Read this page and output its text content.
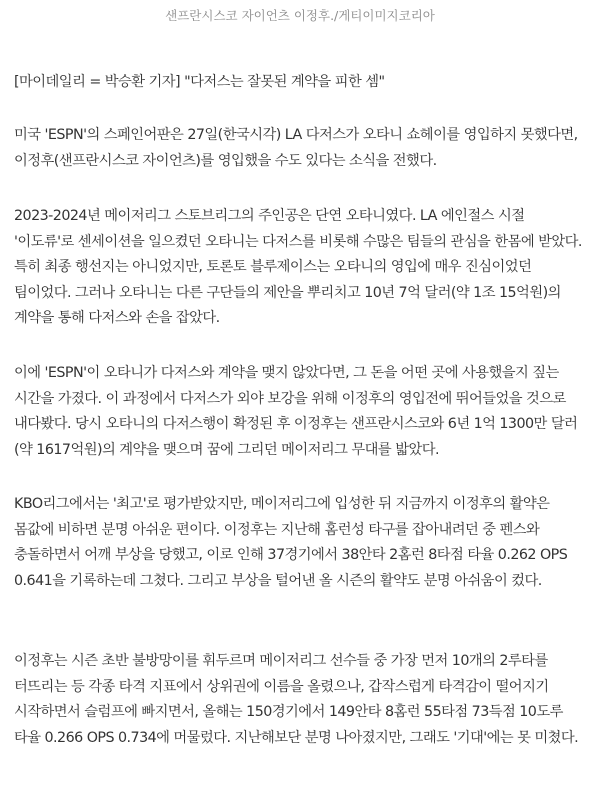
샌프란시스코 자이언츠 이정후./게티이미지코리아

[마이데일리 = 박승환 기자] "다저스는 잘못된 계약을 피한 셈"

미국 'ESPN'의 스페인어판은 27일(한국시각) LA 다저스가 오타니 쇼헤이를 영입하지 못했다면, 이정후(샌프란시스코 자이언츠)를 영입했을 수도 있다는 소식을 전했다.

2023-2024년 메이저리그 스토브리그의 주인공은 단연 오타니였다. LA 에인절스 시절 '이도류'로 센세이션을 일으켰던 오타니는 다저스를 비롯해 수많은 팀들의 관심을 한몸에 받았다. 특히 최종 행선지는 아니었지만, 토론토 블루제이스는 오타니의 영입에 매우 진심이었던 팀이었다. 그러나 오타니는 다른 구단들의 제안을 뿌리치고 10년 7억 달러(약 1조 15억원)의 계약을 통해 다저스와 손을 잡았다.

이에 'ESPN'이 오타니가 다저스와 계약을 맺지 않았다면, 그 돈을 어떤 곳에 사용했을지 짚는 시간을 가졌다. 이 과정에서 다저스가 외야 보강을 위해 이정후의 영입전에 뛰어들었을 것으로 내다봤다. 당시 오타니의 다저스행이 확정된 후 이정후는 샌프란시스코와 6년 1억 1300만 달러(약 1617억원)의 계약을 맺으며 꿈에 그리던 메이저리그 무대를 밟았다.

KBO리그에서는 '최고'로 평가받았지만, 메이저리그에 입성한 뒤 지금까지 이정후의 활약은 몸값에 비하면 분명 아쉬운 편이다. 이정후는 지난해 홈런성 타구를 잡아내려던 중 펜스와 충돌하면서 어깨 부상을 당했고, 이로 인해 37경기에서 38안타 2홈런 8타점 타율 0.262 OPS 0.641을 기록하는데 그쳤다. 그리고 부상을 털어낸 올 시즌의 활약도 분명 아쉬움이 컸다.

이정후는 시즌 초반 불방망이를 휘두르며 메이저리그 선수들 중 가장 먼저 10개의 2루타를 터뜨리는 등 각종 타격 지표에서 상위권에 이름을 올렸으나, 갑작스럽게 타격감이 떨어지기 시작하면서 슬럼프에 빠지면서, 올해는 150경기에서 149안타 8홈런 55타점 73득점 10도루 타율 0.266 OPS 0.734에 머물렀다. 지난해보단 분명 나아졌지만, 그래도 '기대'에는 못 미쳤다.
